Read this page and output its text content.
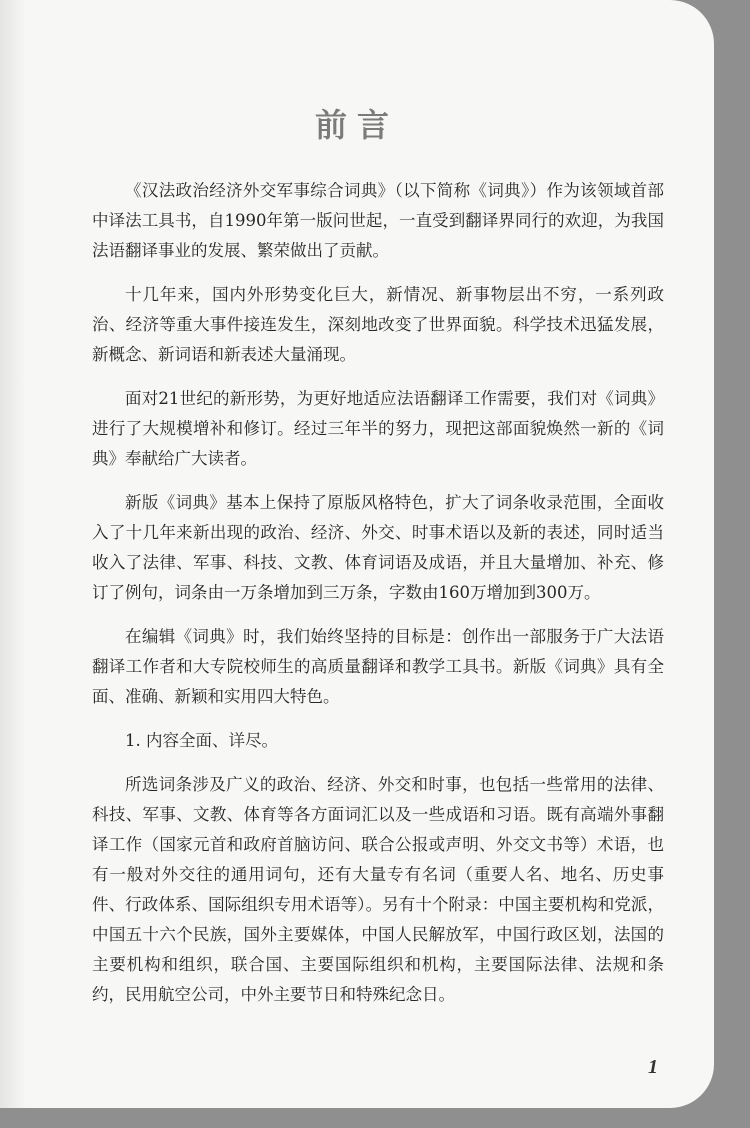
前言

《汉法政治经济外交军事综合词典》（以下简称《词典》）作为该领域首部中译法工具书，自1990年第一版问世起，一直受到翻译界同行的欢迎，为我国法语翻译事业的发展、繁荣做出了贡献。

十几年来，国内外形势变化巨大，新情况、新事物层出不穷，一系列政治、经济等重大事件接连发生，深刻地改变了世界面貌。科学技术迅猛发展，新概念、新词语和新表述大量涌现。

面对21世纪的新形势，为更好地适应法语翻译工作需要，我们对《词典》进行了大规模增补和修订。经过三年半的努力，现把这部面貌焕然一新的《词典》奉献给广大读者。

新版《词典》基本上保持了原版风格特色，扩大了词条收录范围，全面收入了十几年来新出现的政治、经济、外交、时事术语以及新的表述，同时适当收入了法律、军事、科技、文教、体育词语及成语，并且大量增加、补充、修订了例句，词条由一万条增加到三万条，字数由160万增加到300万。

在编辑《词典》时，我们始终坚持的目标是：创作出一部服务于广大法语翻译工作者和大专院校师生的高质量翻译和教学工具书。新版《词典》具有全面、准确、新颖和实用四大特色。

1. 内容全面、详尽。

所选词条涉及广义的政治、经济、外交和时事，也包括一些常用的法律、科技、军事、文教、体育等各方面词汇以及一些成语和习语。既有高端外事翻译工作（国家元首和政府首脑访问、联合公报或声明、外交文书等）术语，也有一般对外交往的通用词句，还有大量专有名词（重要人名、地名、历史事件、行政体系、国际组织专用术语等）。另有十个附录：中国主要机构和党派，中国五十六个民族，国外主要媒体，中国人民解放军，中国行政区划，法国的主要机构和组织，联合国、主要国际组织和机构，主要国际法律、法规和条约，民用航空公司，中外主要节日和特殊纪念日。

1
